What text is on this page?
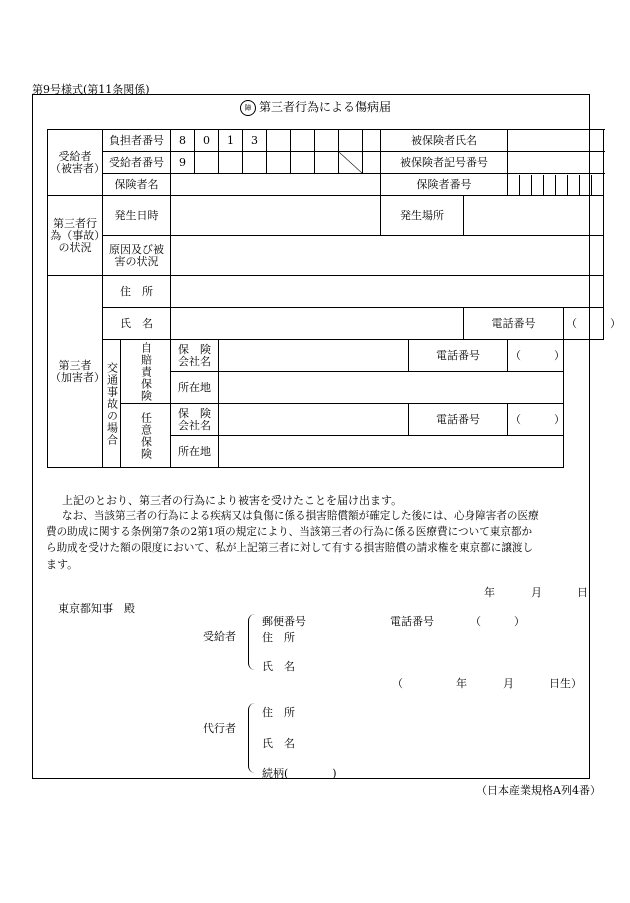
第9号様式(第11条関係)
障 第三者行為による傷病届
受給者（被害者）	負担者番号		8	0	1	3						被保険者氏名				
	受給者番号		9									被保険者記号番号				
	保険者名											保険者番号				

第三者行為（事故）の状況	発生日時											発生場所				
	原因及び被害の状況															
第三者（加害者）	住　所															
	氏　名													電話番号		（　　　）

	交通事故の場合	自賠責保険	保　険
会社名										電話番号		（　　　）	
			所在地													

		任意保険	保　険
会社名										電話番号		（　　　）	
			所在地													
上記のとおり、第三者の行為により被害を受けたことを届け出ます。
なお、当該第三者の行為による疾病又は負傷に係る損害賠償額が確定した後には、心身障害者の医療
費の助成に関する条例第7条の2第1項の規定により、当該第三者の行為に係る医療費について東京都か
ら助成を受けた額の限度において、私が上記第三者に対して有する損害賠償の請求権を東京都に譲渡し
ます。
年	月	日
東京都知事　殿
受給者
郵便番号	電話番号	（　　　）
住　所
氏　名
（	年	月	日生）
代行者
住　所
氏　名
続柄(　　　　)
（日本産業規格A列4番）
